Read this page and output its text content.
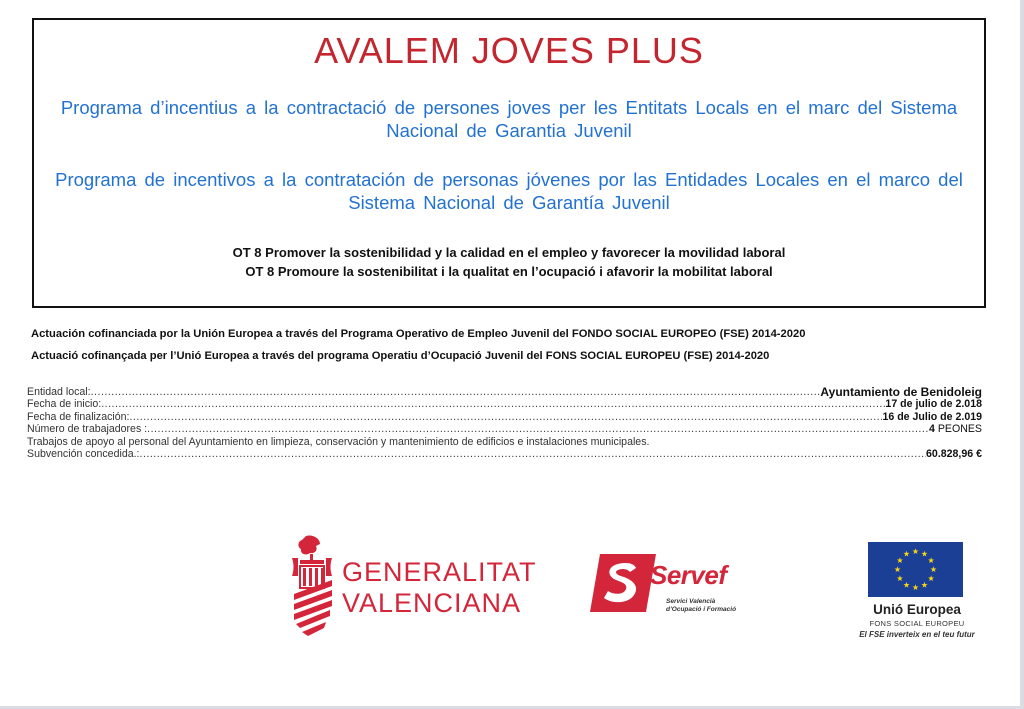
AVALEM JOVES PLUS
Programa d’incentius a la contractació de persones joves per les Entitats Locals en el marc del Sistema Nacional de Garantia Juvenil
Programa de incentivos a la contratación de personas jóvenes por las Entidades Locales en el marco del Sistema Nacional de Garantía Juvenil
OT 8 Promover la sostenibilidad y la calidad en el empleo y favorecer la movilidad laboral
OT 8 Promoure la sostenibilitat i la qualitat en l’ocupació i afavorir la mobilitat laboral
Actuación cofinanciada por la Unión Europea a través del Programa Operativo de Empleo Juvenil del FONDO SOCIAL EUROPEO (FSE) 2014-2020
Actuació cofinançada per l’Unió Europea a través del programa Operatiu d’Ocupació Juvenil del FONS SOCIAL EUROPEU (FSE) 2014-2020
Entidad local: .....	Ayuntamiento de Benidoleig
Fecha de inicio: .....	17 de julio de 2.018
Fecha de finalización: .....	16 de Julio de 2.019
Número de trabajadores : .....	4 PEONES
Trabajos de apoyo al personal del Ayuntamiento en limpieza, conservación y mantenimiento de edificios e instalaciones municipales.
Subvención concedida.: .....	60.828,96 €
GENERALITAT
VALENCIANA
Servef
Servici Valencià
d’Ocupació i Formació	Unió Europea
FONS SOCIAL EUROPEU
El FSE inverteix en el teu futur
